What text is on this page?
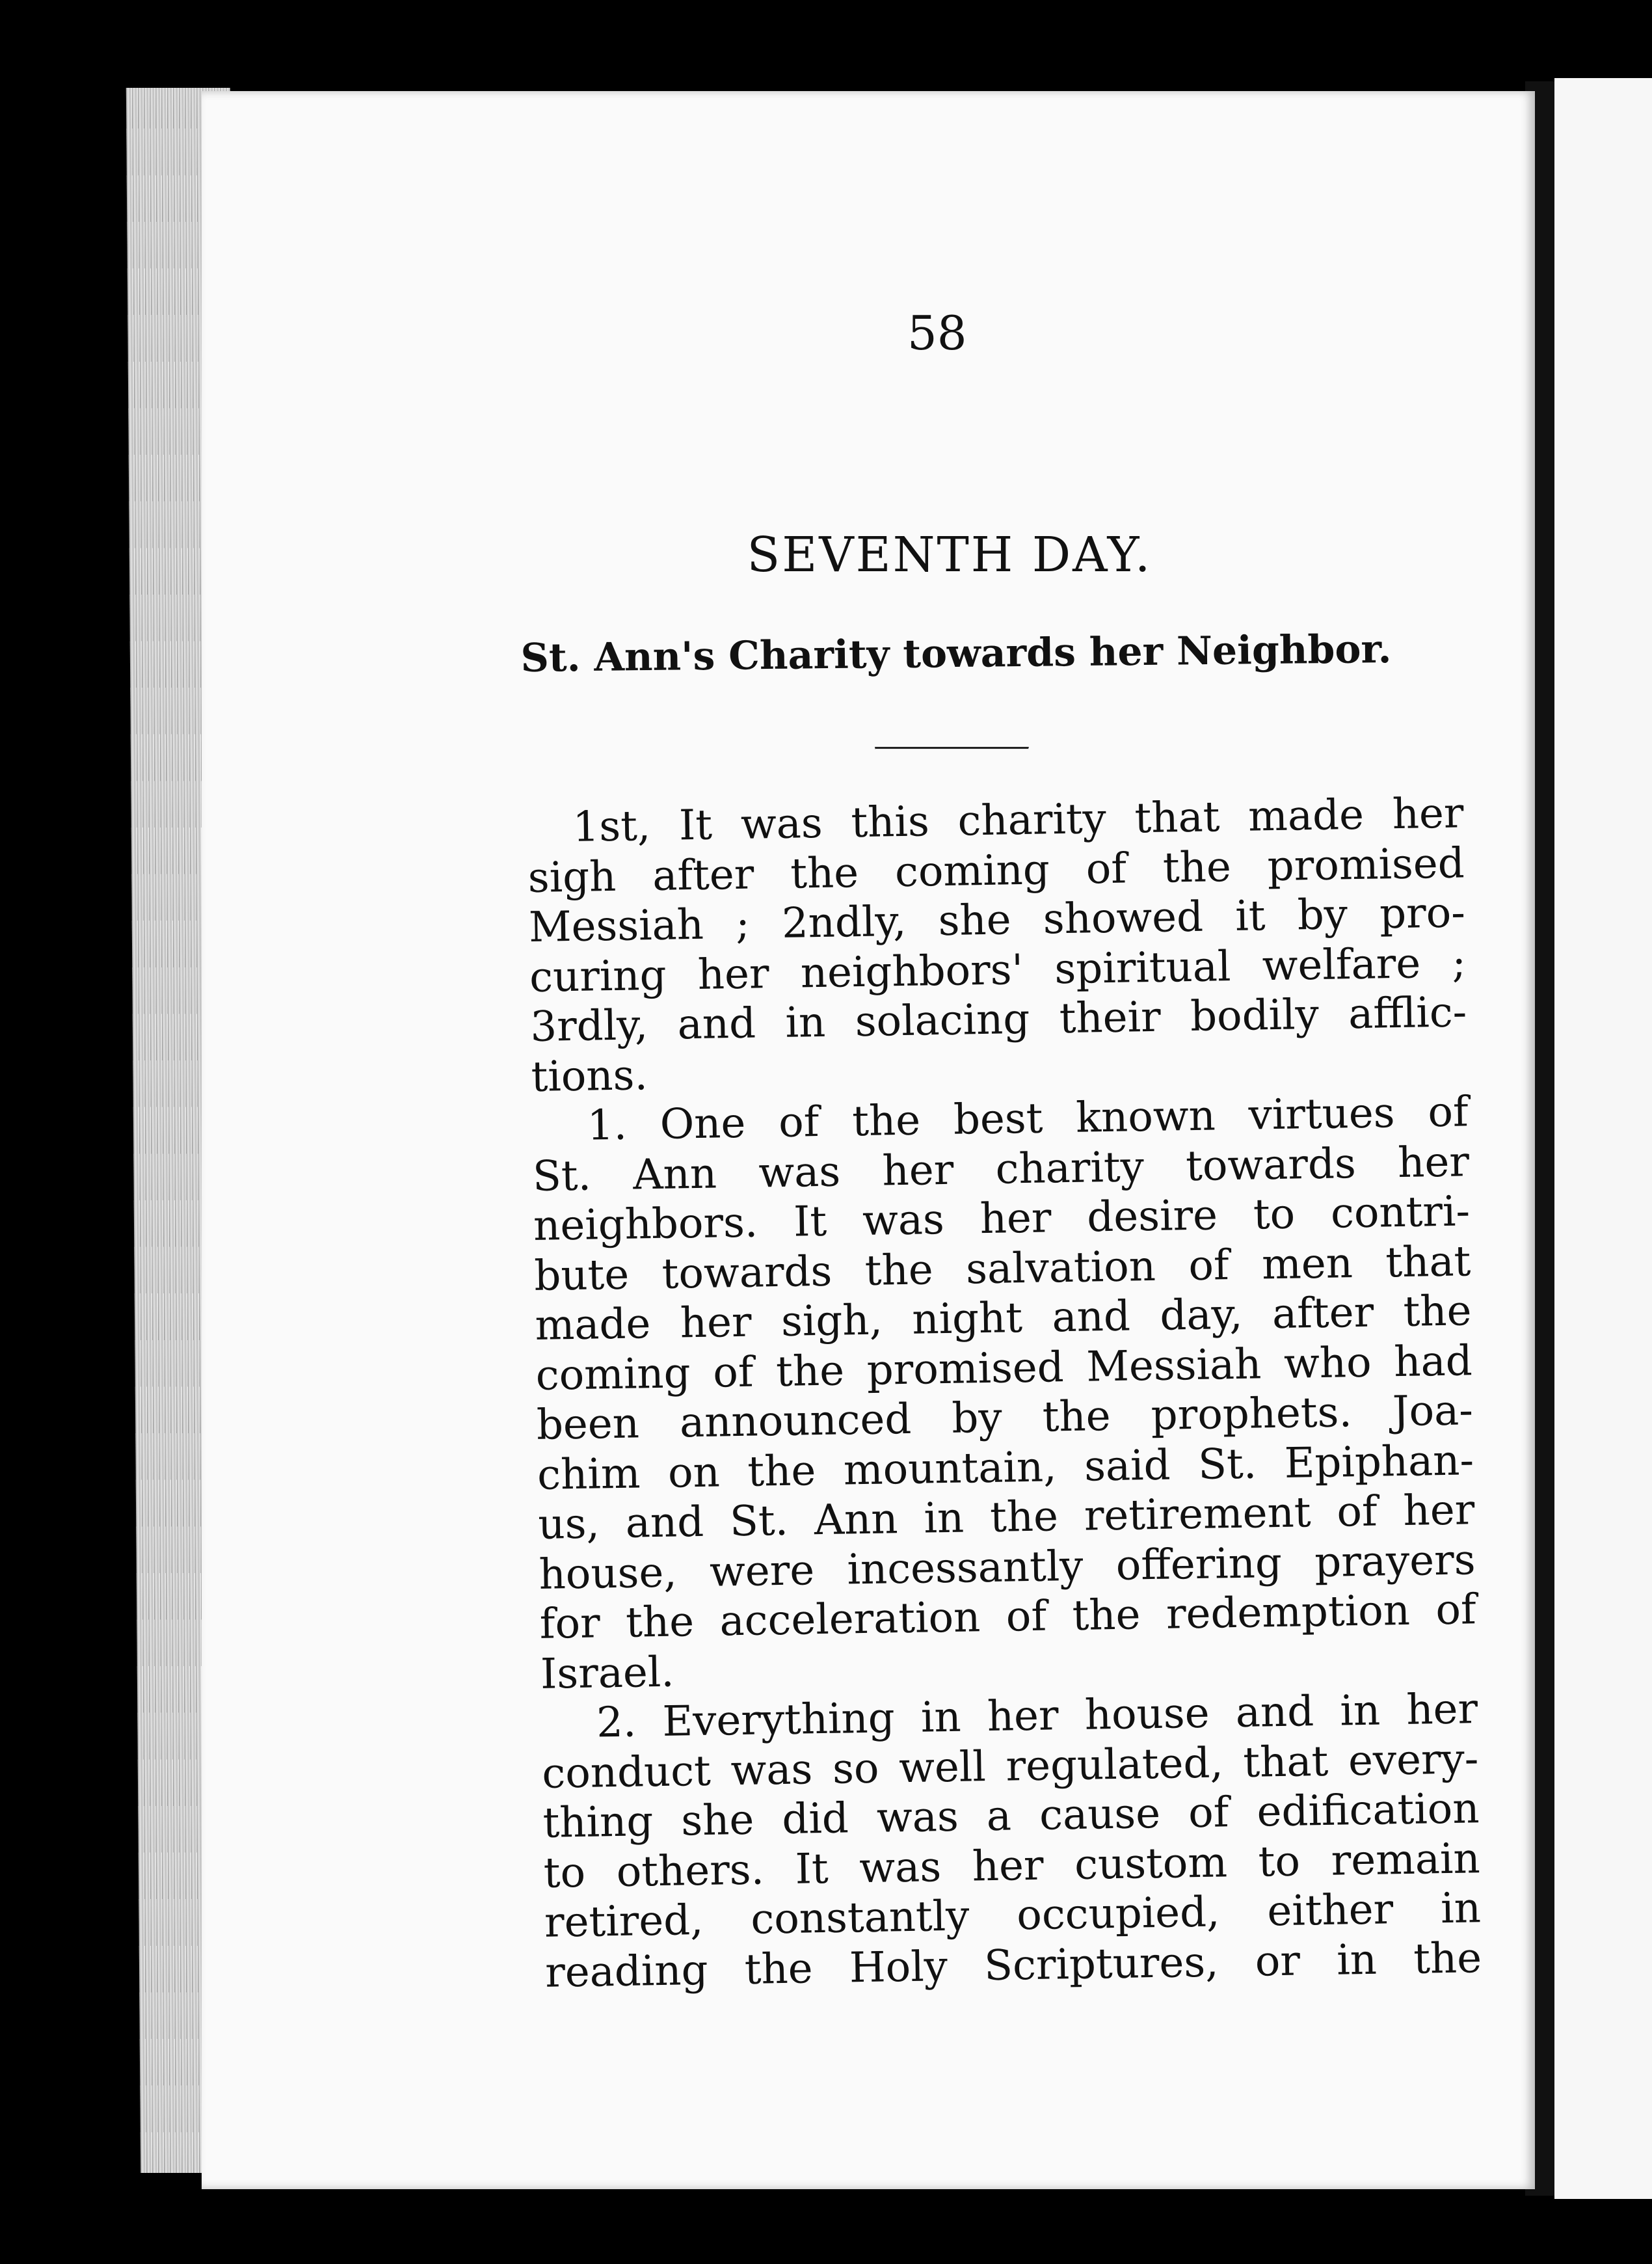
58

SEVENTH DAY.
St. Ann's Charity towards her Neighbor.
1st, It was this charity that made her
sigh after the coming of the promised
Messiah ; 2ndly, she showed it by pro-
curing her neighbors' spiritual welfare ;
3rdly, and in solacing their bodily afflic-
tions.
1. One of the best known virtues of
St. Ann was her charity towards her
neighbors. It was her desire to contri-
bute towards the salvation of men that
made her sigh, night and day, after the
coming of the promised Messiah who had
been announced by the prophets. Joa-
chim on the mountain, said St. Epiphan-
us, and St. Ann in the retirement of her
house, were incessantly offering prayers
for the acceleration of the redemption of
Israel.
2. Everything in her house and in her
conduct was so well regulated, that every-
thing she did was a cause of edification
to others. It was her custom to remain
retired, constantly occupied, either in
reading the Holy Scriptures, or in the
